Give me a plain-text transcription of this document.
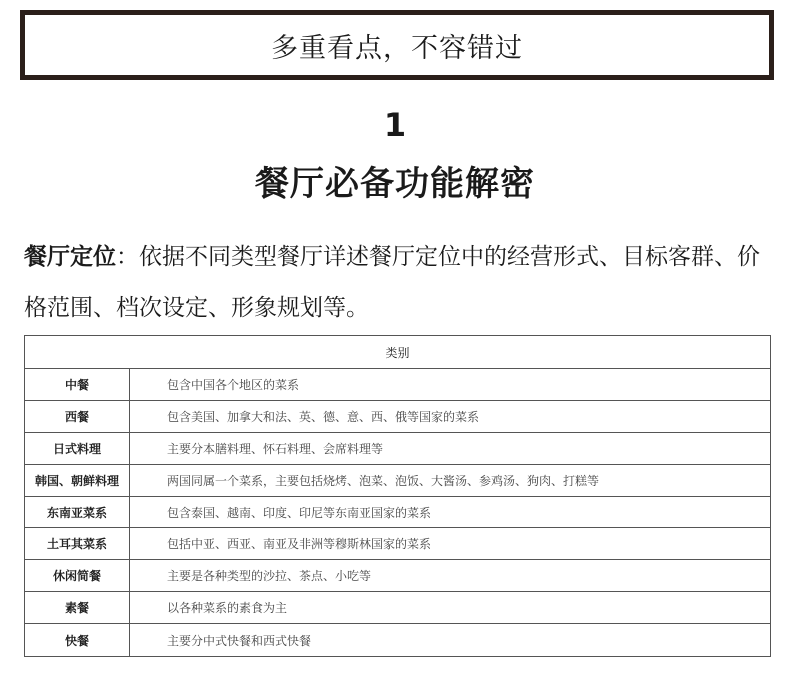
多重看点，不容错过
1
餐厅必备功能解密
餐厅定位：依据不同类型餐厅详述餐厅定位中的经营形式、目标客群、价格范围、档次设定、形象规划等。
类别
中餐	包含中国各个地区的菜系
西餐	包含美国、加拿大和法、英、德、意、西、俄等国家的菜系
日式料理	主要分本膳料理、怀石料理、会席料理等
韩国、朝鲜料理	两国同属一个菜系，主要包括烧烤、泡菜、泡饭、大酱汤、参鸡汤、狗肉、打糕等
东南亚菜系	包含泰国、越南、印度、印尼等东南亚国家的菜系
土耳其菜系	包括中亚、西亚、南亚及非洲等穆斯林国家的菜系
休闲简餐	主要是各种类型的沙拉、茶点、小吃等
素餐	以各种菜系的素食为主
快餐	主要分中式快餐和西式快餐
